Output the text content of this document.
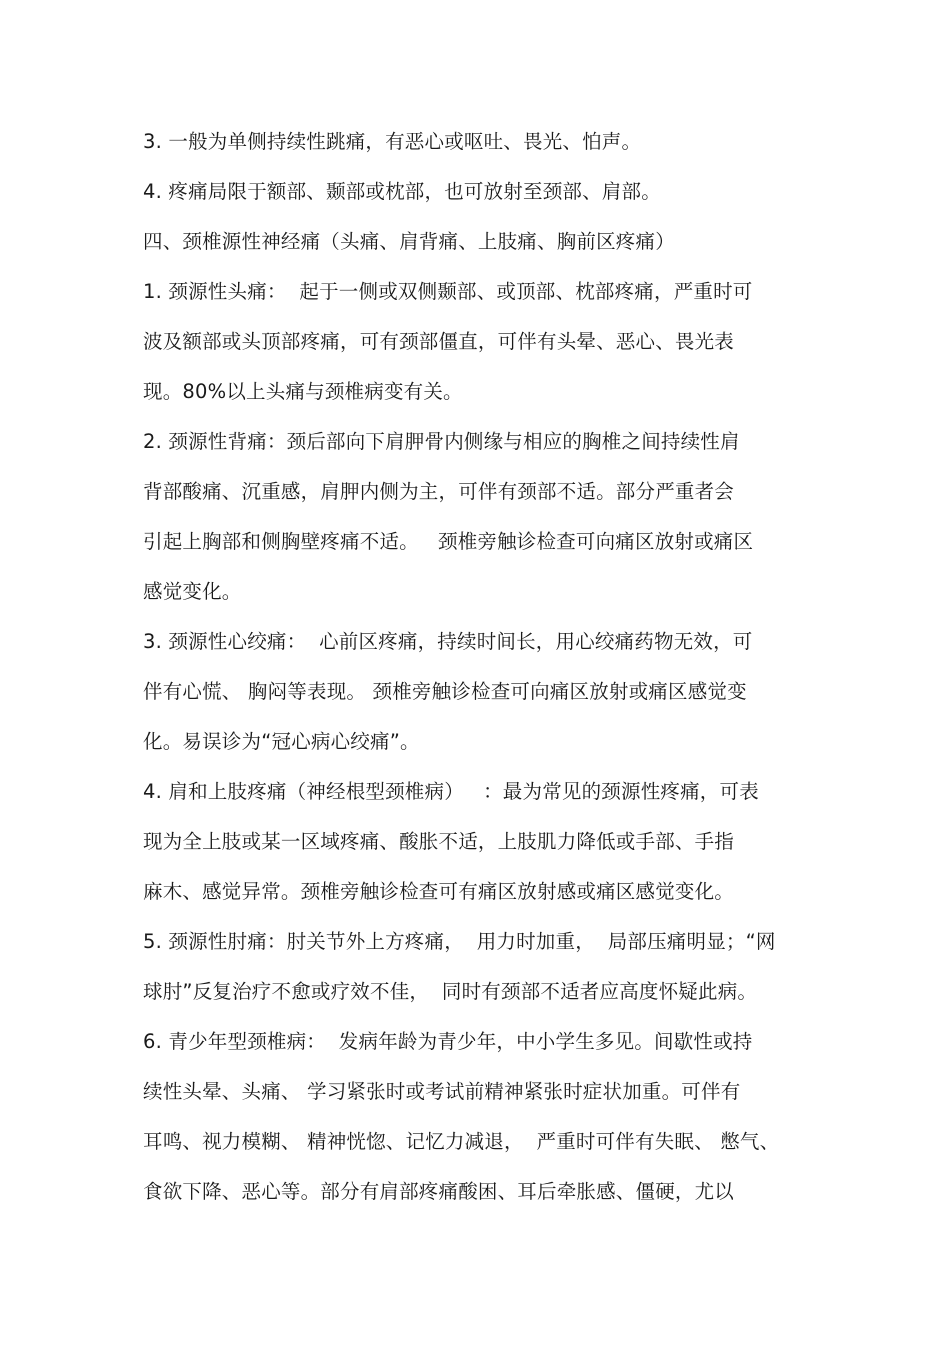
3. 一般为单侧持续性跳痛，有恶心或呕吐、畏光、怕声。
4. 疼痛局限于额部、颞部或枕部，也可放射至颈部、肩部。
四、颈椎源性神经痛（头痛、肩背痛、上肢痛、胸前区疼痛）
1. 颈源性头痛：  起于一侧或双侧颞部、或顶部、枕部疼痛，严重时可
波及额部或头顶部疼痛，可有颈部僵直，可伴有头晕、恶心、畏光表
现。80%以上头痛与颈椎病变有关。
2. 颈源性背痛：颈后部向下肩胛骨内侧缘与相应的胸椎之间持续性肩
背部酸痛、沉重感，肩胛内侧为主，可伴有颈部不适。部分严重者会
引起上胸部和侧胸壁疼痛不适。   颈椎旁触诊检查可向痛区放射或痛区
感觉变化。
3. 颈源性心绞痛：  心前区疼痛，持续时间长，用心绞痛药物无效，可
伴有心慌、 胸闷等表现。 颈椎旁触诊检查可向痛区放射或痛区感觉变
化。易误诊为“冠心病心绞痛”。
4. 肩和上肢疼痛（神经根型颈椎病）   ：最为常见的颈源性疼痛，可表
现为全上肢或某一区域疼痛、酸胀不适，上肢肌力降低或手部、手指
麻木、感觉异常。颈椎旁触诊检查可有痛区放射感或痛区感觉变化。
5. 颈源性肘痛：肘关节外上方疼痛，  用力时加重，  局部压痛明显；“网
球肘”反复治疗不愈或疗效不佳，  同时有颈部不适者应高度怀疑此病。
6. 青少年型颈椎病：  发病年龄为青少年，中小学生多见。间歇性或持
续性头晕、头痛、 学习紧张时或考试前精神紧张时症状加重。可伴有
耳鸣、视力模糊、 精神恍惚、记忆力减退，  严重时可伴有失眠、 憋气、
食欲下降、恶心等。部分有肩部疼痛酸困、耳后牵胀感、僵硬，尤以
